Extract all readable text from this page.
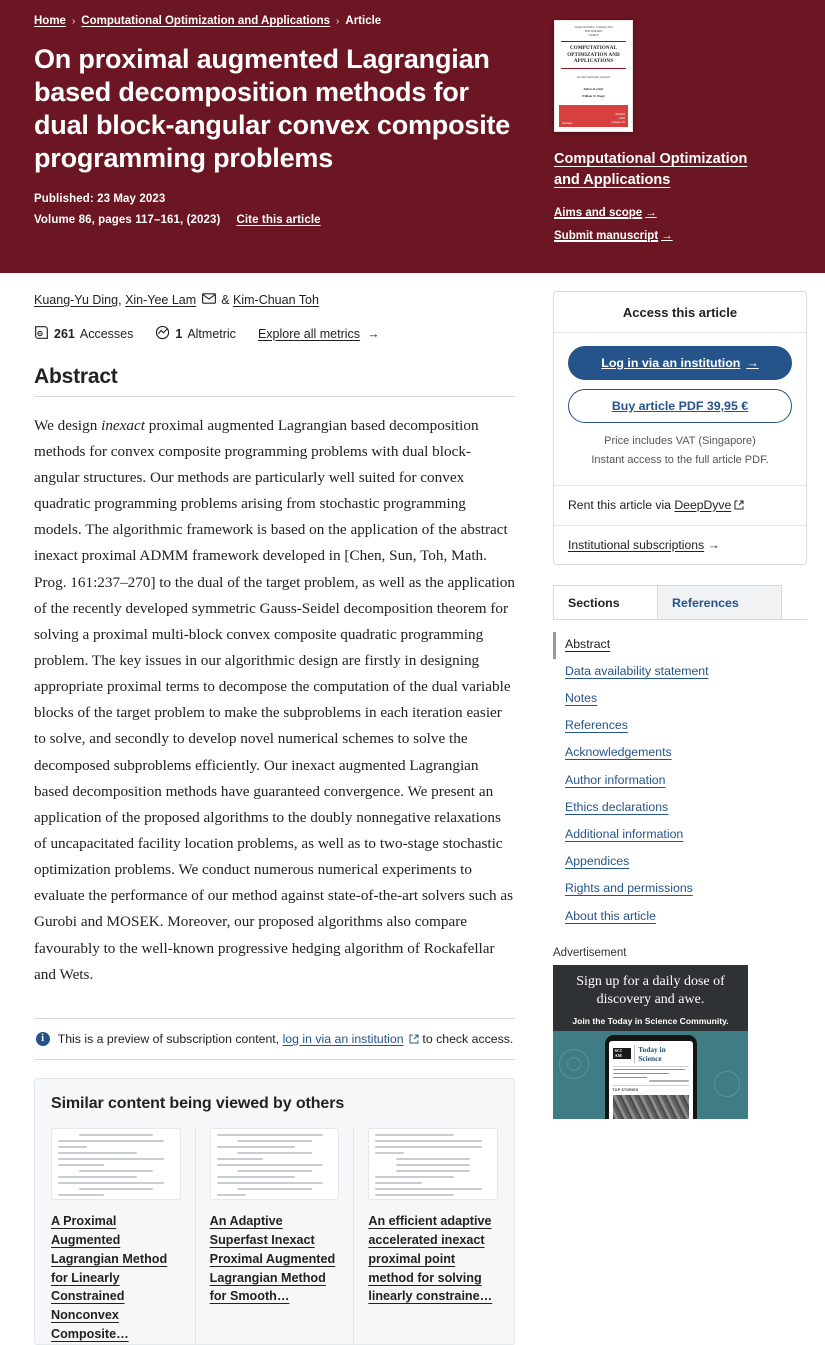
Home › Computational Optimization and Applications › Article
On proximal augmented Lagrangian based decomposition methods for dual block-angular convex composite programming problems
Published: 23 May 2023
Volume 86, pages 117–161, (2023) Cite this article
Volume 36 Number 1 February 2019
ISSN 0926-6003
COAPCF
COMPUTATIONAL OPTIMIZATION AND APPLICATIONS
An International Journal
Editor-in-Chief
William W. Hager
Springer
Available
online
springer.com
Computational Optimization and Applications
Aims and scope →
Submit manuscript →
Kuang-Yu Ding ,
Xin-Yee Lam &
Kim-Chuan Toh
261 Accesses	1 Altmetric Explore all metrics →
Abstract
We design inexact proximal augmented Lagrangian based decomposition methods for convex composite programming problems with dual block-angular structures. Our methods are particularly well suited for convex quadratic programming problems arising from stochastic programming models. The algorithmic framework is based on the application of the abstract inexact proximal ADMM framework developed in [Chen, Sun, Toh, Math. Prog. 161:237–270] to the dual of the target problem, as well as the application of the recently developed symmetric Gauss-Seidel decomposition theorem for solving a proximal multi-block convex composite quadratic programming problem. The key issues in our algorithmic design are firstly in designing appropriate proximal terms to decompose the computation of the dual variable blocks of the target problem to make the subproblems in each iteration easier to solve, and secondly to develop novel numerical schemes to solve the decomposed subproblems efficiently. Our inexact augmented Lagrangian based decomposition methods have guaranteed convergence. We present an application of the proposed algorithms to the doubly nonnegative relaxations of uncapacitated facility location problems, as well as to two-stage stochastic optimization problems. We conduct numerous numerical experiments to evaluate the performance of our method against state-of-the-art solvers such as Gurobi and MOSEK. Moreover, our proposed algorithms also compare favourably to the well-known progressive hedging algorithm of Rockafellar and Wets.
i	This is a preview of subscription content, log in via an institution to check access.
Similar content being viewed by others
A Proximal Augmented Lagrangian Method for Linearly Constrained Nonconvex Composite…
An Adaptive Superfast Inexact Proximal Augmented Lagrangian Method for Smooth…
An efficient adaptive accelerated inexact proximal point method for solving linearly constraine…
Access this article
Log in via an institution →
Buy article PDF 39,95 €
Price includes VAT (Singapore)
Instant access to the full article PDF.
Rent this article via DeepDyve
Institutional subscriptions →
Sections	References
Abstract
Data availability statement
Notes
References
Acknowledgements
Author information
Ethics declarations
Additional information
Appendices
Rights and permissions
About this article
Advertisement
Sign up for a daily dose of
discovery and awe.
Join the Today in Science Community.
SCI AM
Today in Science
TOP STORIES
